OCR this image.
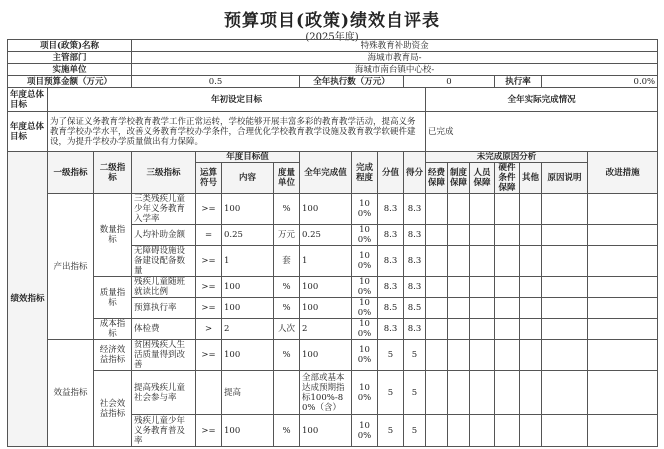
预算项目(政策)绩效自评表
(2025年度)
项目(政策)名称			特殊教育补助资金														
主管部门			海城市教育局-														
实施单位			海城市南台镇中心校-														
项目预算金额（万元）			0.5				全年执行数（万元）			0				执行率		0.0%	
年度总体目标	年初设定目标										全年实际完成情况						
年度总体目标	为了保证义务教育学校教育教学工作正常运转，学校能够开展丰富多彩的教育教学活动，提高义务教育学校办学水平，改善义务教育学校办学条件，合理优化学校教育教学设施及教育教学软硬件建设，为提升学校办学质量做出有力保障。										已完成						
绩效指标	一级指标	二级指标	三级指标	年度目标值			全年完成值	完成程度	分值	得分	未完成原因分析						改进措施
				运算符号	内容	度量单位					经费保障	制度保障	人员保障	硬件条件保障	其他	原因说明	

	产出指标	数量指标	三类残疾儿童少年义务教育入学率	>=	100	%	100	100%	8.3	8.3							
			人均补助金额	=	0.25	万元	0.25	100%	8.3	8.3							
			无障碍设施设备建设配备数量	>=	1	套	1	100%	8.3	8.3							
		质量指标	残疾儿童随班就读比例	>=	100	%	100	100%	8.3	8.3							
			预算执行率	>=	100	%	100	100%	8.5	8.5							
		成本指标	体检费	>	2	人次	2	100%	8.3	8.3							
	效益指标	经济效益指标	贫困残疾人生活质量得到改善	>=	100	%	100	100%	5	5							
		社会效益指标	提高残疾儿童社会参与率		提高		全部或基本达成预期指标100%-80%（含）	100%	5	5							
			残疾儿童少年义务教育普及率	>=	100	%	100	100%	5	5							
